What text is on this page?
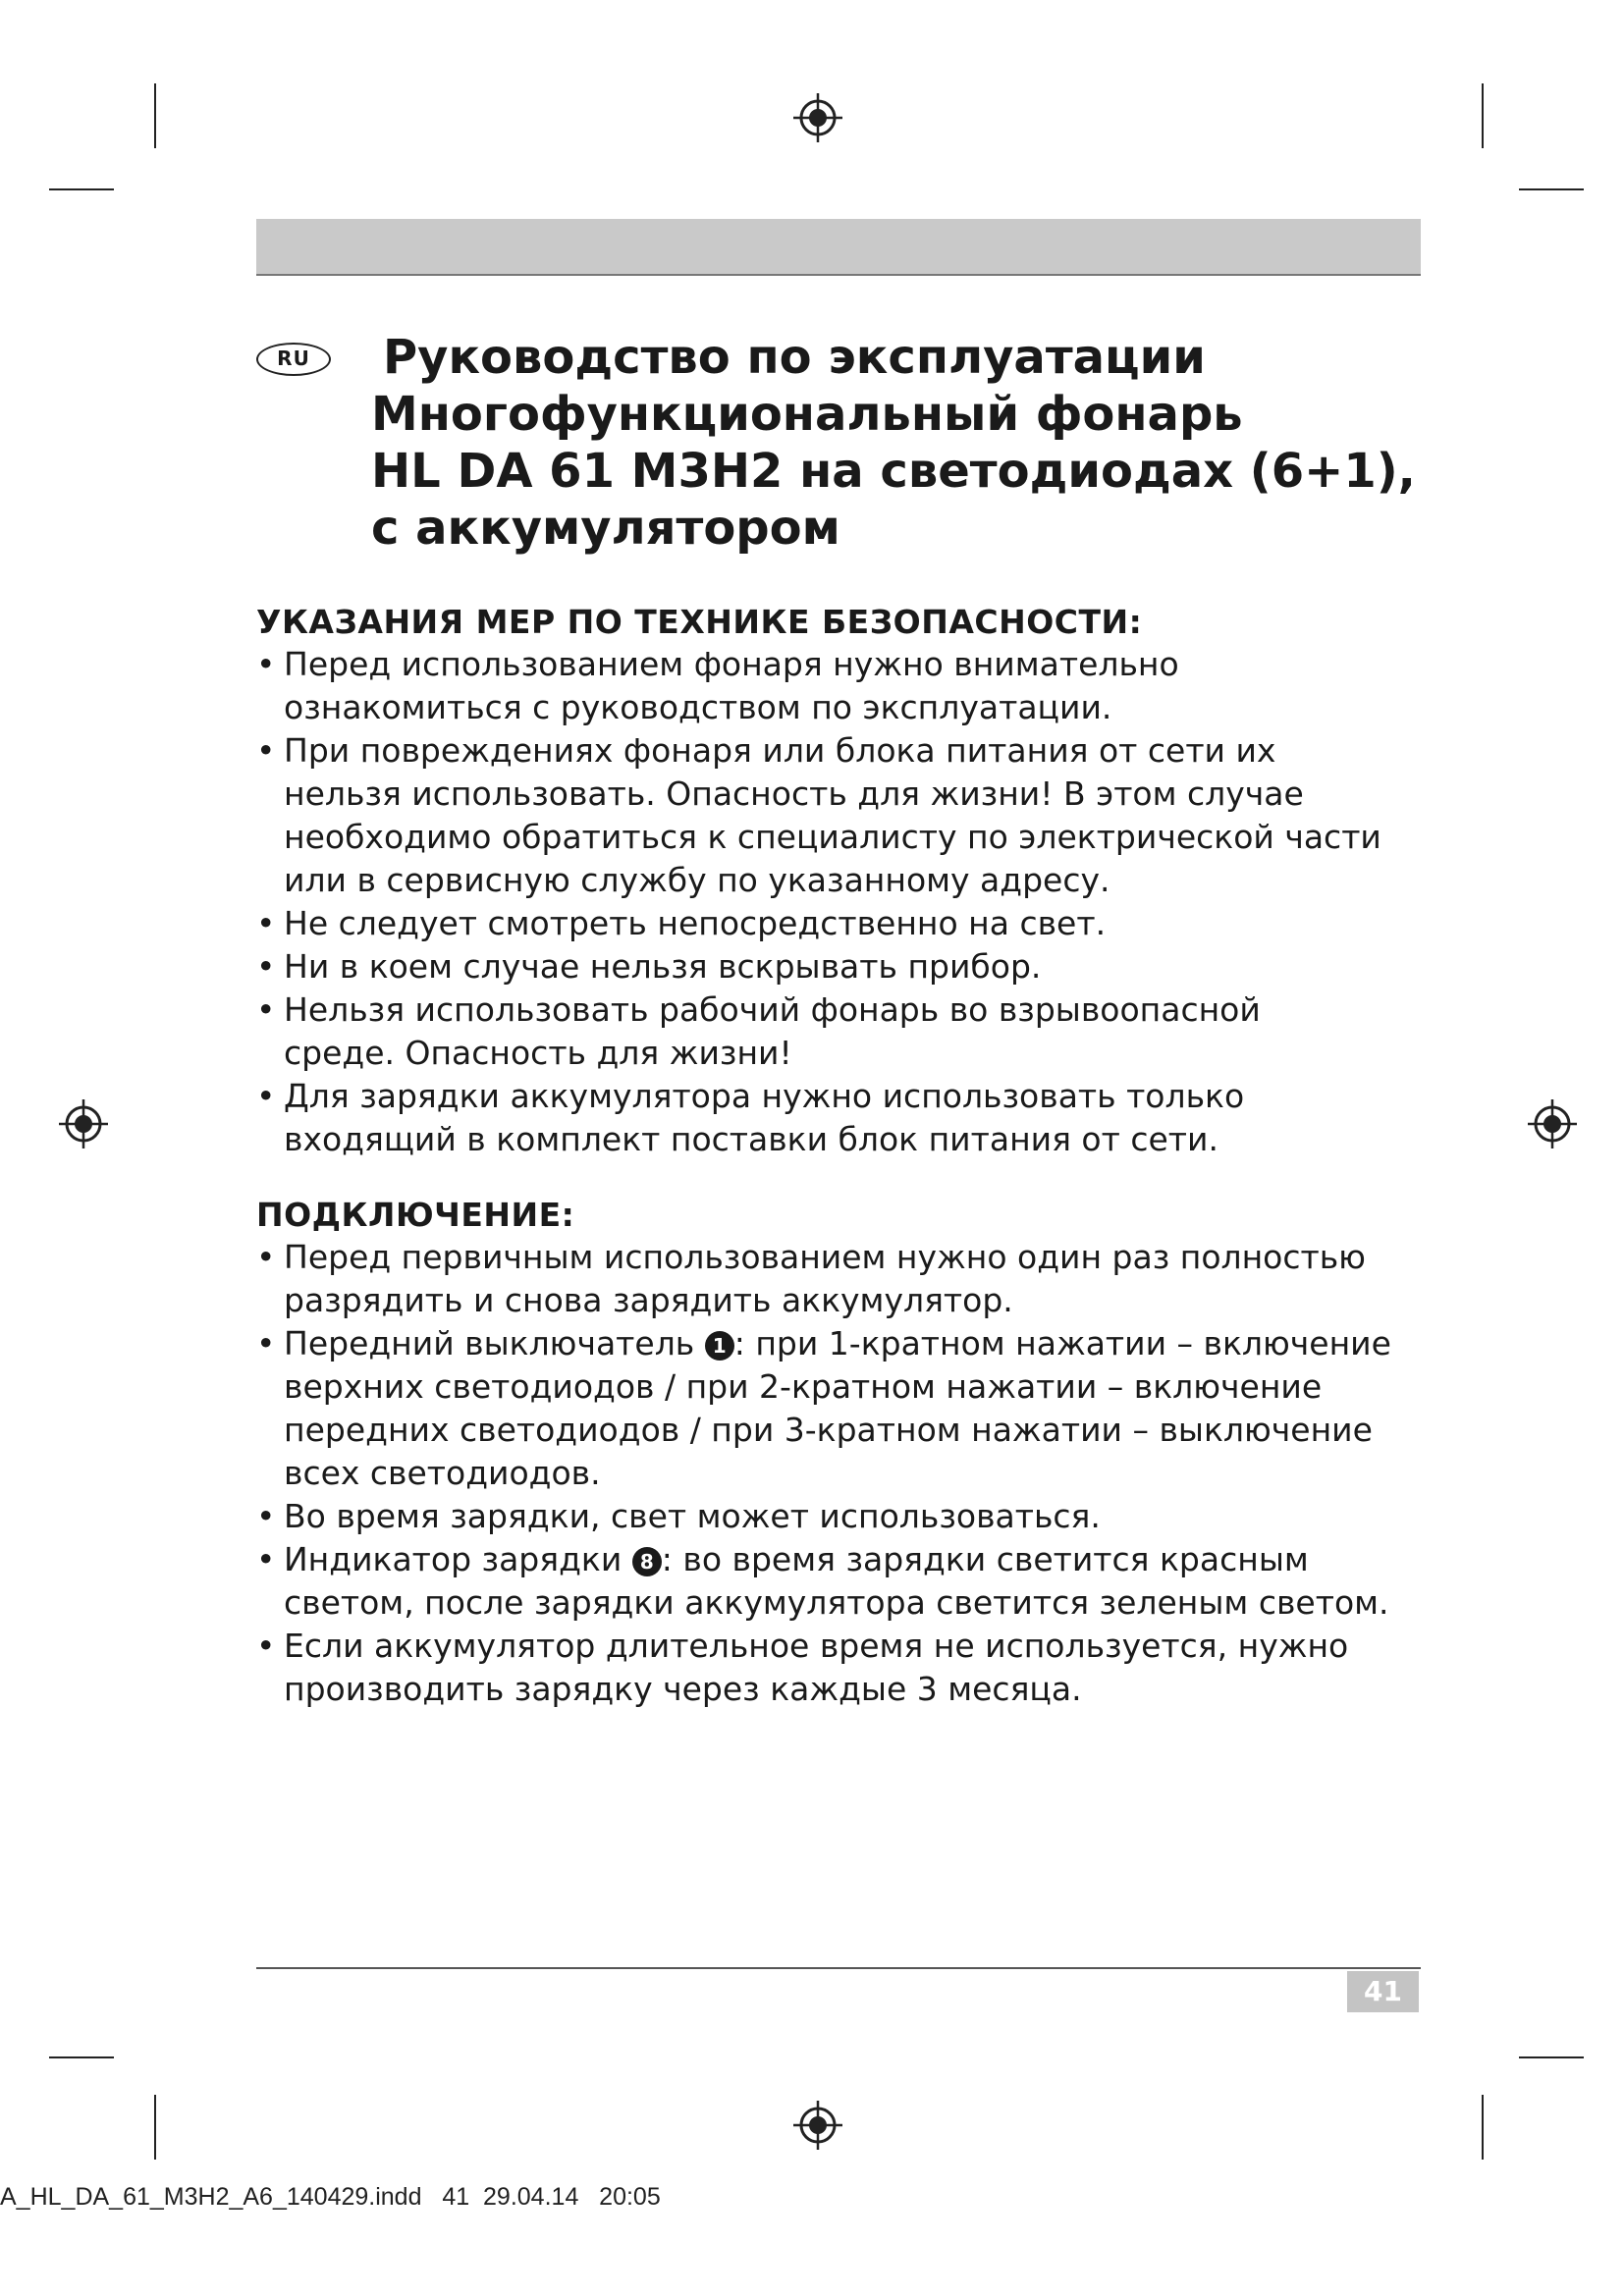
RU	Руководство по эксплуатации
Многофункциональный фонарь
HL DA 61 M3H2 на светодиодах (6+1),
с аккумулятором
УКАЗАНИЯ МЕР ПО ТЕХНИКЕ БЕЗОПАСНОСТИ:
• Перед использованием фонаря нужно внимательно
ознакомиться с руководством по эксплуатации.
• При повреждениях фонаря или блока питания от сети их
нельзя использовать. Опасность для жизни! В этом случае
необходимо обратиться к специалисту по электрической части
или в сервисную службу по указанному адресу.
• Не следует смотреть непосредственно на свет.
• Ни в коем случае нельзя вскрывать прибор.
• Нельзя использовать рабочий фонарь во взрывоопасной
среде. Опасность для жизни!
• Для зарядки аккумулятора нужно использовать только
входящий в комплект поставки блок питания от сети.
ПОДКЛЮЧЕНИЕ:
• Перед первичным использованием нужно один раз полностью
разрядить и снова зарядить аккумулятор.
• Передний выключатель 1 : при 1-кратном нажатии – включение
верхних светодиодов / при 2-кратном нажатии – включение
передних светодиодов / при 3-кратном нажатии – выключение
всех светодиодов.
• Во время зарядки, свет может использоваться.
• Индикатор зарядки 8 : во время зарядки светится красным
светом, после зарядки аккумулятора светится зеленым светом.
• Если аккумулятор длительное время не используется, нужно
производить зарядку через каждые 3 месяца.
41
A_HL_DA_61_M3H2_A6_140429.indd   41  29.04.14   20:05
